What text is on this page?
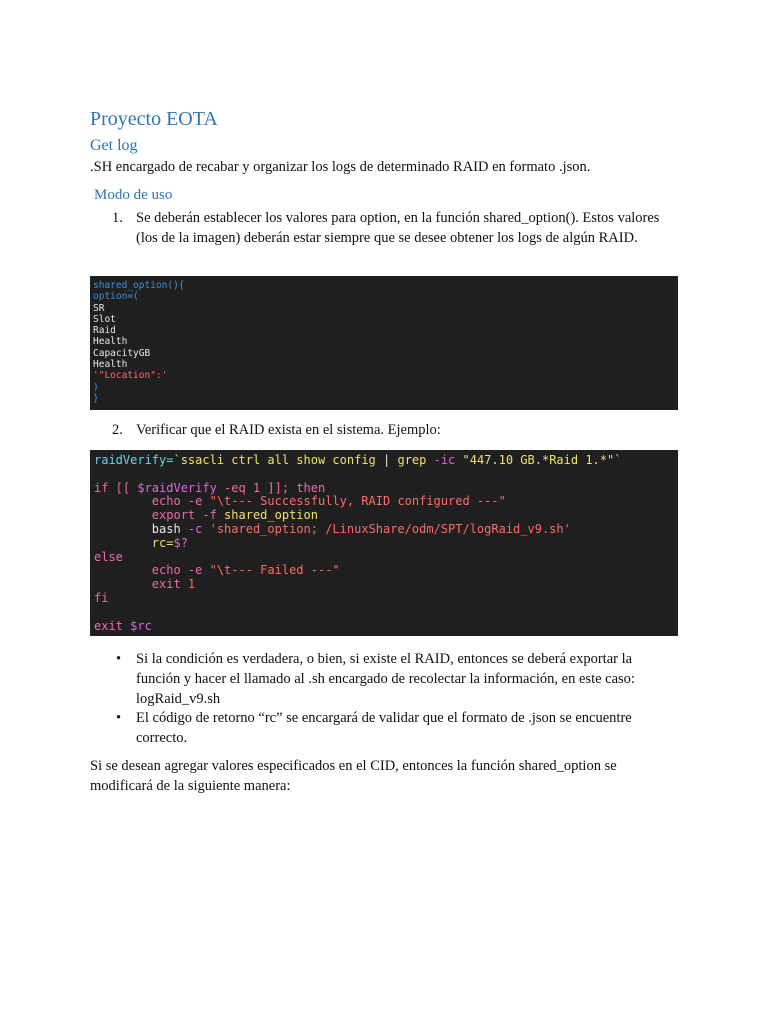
Proyecto EOTA
Get log

.SH encargado de recabar y organizar los logs de determinado RAID en formato .json.

Modo de uso
1. Se deberán establecer los valores para option, en la función shared_option(). Estos valores (los de la imagen) deberán estar siempre que se desee obtener los logs de algún RAID.
shared_option(){
option=(
SR
Slot
Raid
Health
CapacityGB
Health
'"Location":'
)
}
2. Verificar que el RAID exista en el sistema. Ejemplo:
raidVerify=`ssacli ctrl all show config | grep -ic "447.10 GB.*Raid 1.*"`

if [[ $raidVerify -eq 1 ]]; then
echo -e "\t--- Successfully, RAID configured ---"
export -f shared_option
bash -c 'shared_option; /LinuxShare/odm/SPT/logRaid_v9.sh'
rc=$?
else
echo -e "\t--- Failed ---"
exit 1
fi

exit $rc
• Si la condición es verdadera, o bien, si existe el RAID, entonces se deberá exportar la función y hacer el llamado al .sh encargado de recolectar la información, en este caso: logRaid_v9.sh
• El código de retorno “rc” se encargará de validar que el formato de .json se encuentre correcto.

Si se desean agregar valores especificados en el CID, entonces la función shared_option se modificará de la siguiente manera:
